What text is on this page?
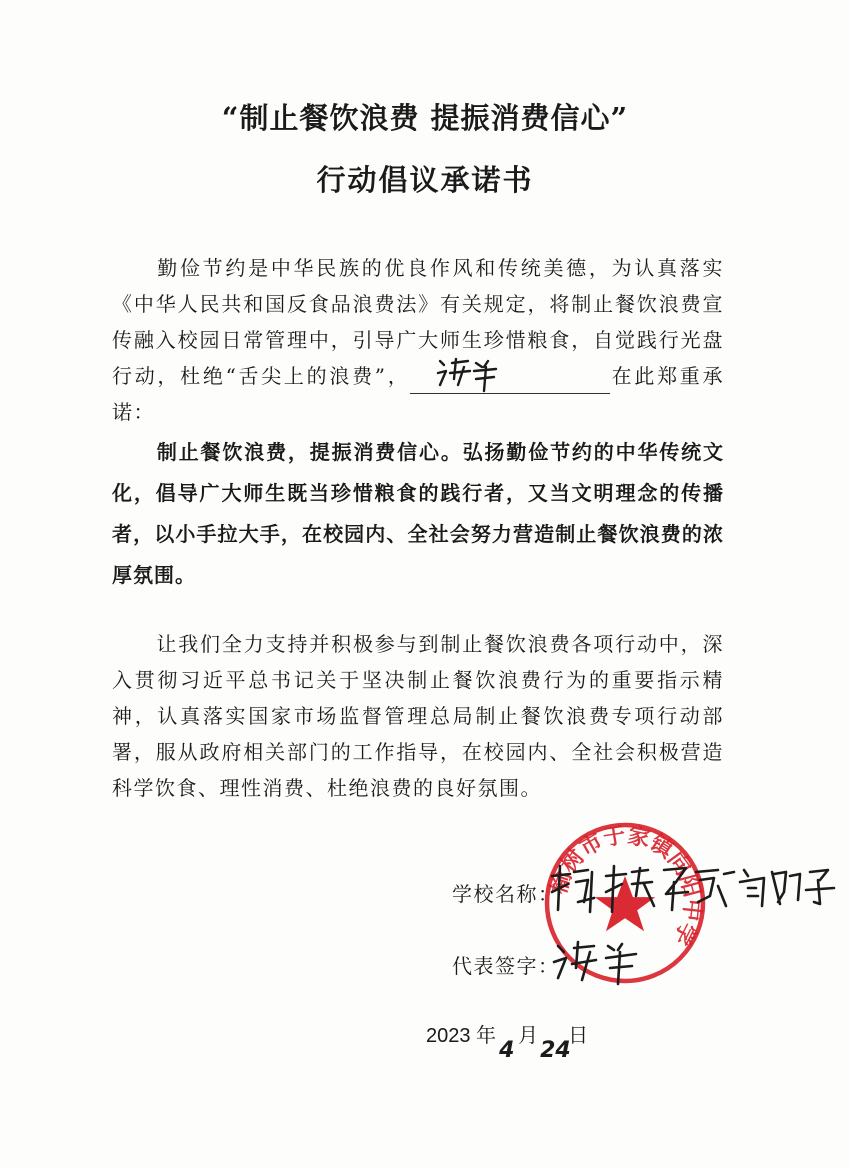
“制止餐饮浪费 提振消费信心”
行动倡议承诺书
勤俭节约是中华民族的优良作风和传统美德，为认真落实《中华人民共和国反食品浪费法》有关规定，将制止餐饮浪费宣传融入校园日常管理中，引导广大师生珍惜粮食，自觉践行光盘行动，杜绝“舌尖上的浪费”，	在此郑重承诺：
制止餐饮浪费，提振消费信心。弘扬勤俭节约的中华传统文化，倡导广大师生既当珍惜粮食的践行者，又当文明理念的传播者，以小手拉大手，在校园内、全社会努力营造制止餐饮浪费的浓厚氛围。
让我们全力支持并积极参与到制止餐饮浪费各项行动中，深入贯彻习近平总书记关于坚决制止餐饮浪费行为的重要指示精神，认真落实国家市场监督管理总局制止餐饮浪费专项行动部署，服从政府相关部门的工作指导，在校园内、全社会积极营造科学饮食、理性消费、杜绝浪费的良好氛围。
榆树市于家镇向阳中学
学校名称：
代表签字：
2023 年
4
月
24
日
